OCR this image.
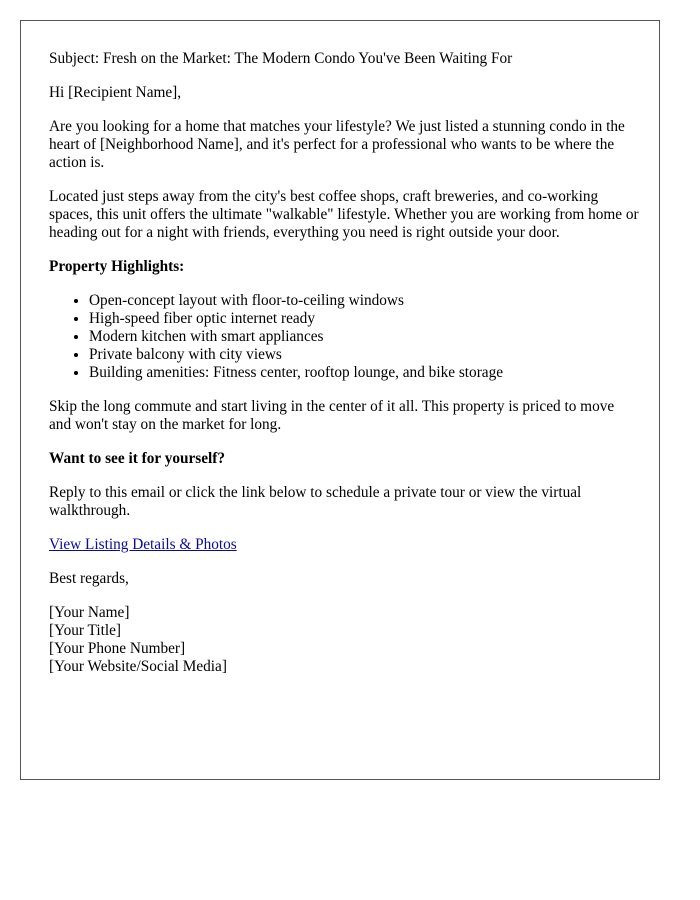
Subject: Fresh on the Market: The Modern Condo You've Been Waiting For

Hi [Recipient Name],

Are you looking for a home that matches your lifestyle? We just listed a stunning condo in the heart of [Neighborhood Name], and it's perfect for a professional who wants to be where the action is.

Located just steps away from the city's best coffee shops, craft breweries, and co-working spaces, this unit offers the ultimate "walkable" lifestyle. Whether you are working from home or heading out for a night with friends, everything you need is right outside your door.

Property Highlights:

• Open-concept layout with floor-to-ceiling windows
• High-speed fiber optic internet ready
• Modern kitchen with smart appliances
• Private balcony with city views
• Building amenities: Fitness center, rooftop lounge, and bike storage

Skip the long commute and start living in the center of it all. This property is priced to move and won't stay on the market for long.

Want to see it for yourself?

Reply to this email or click the link below to schedule a private tour or view the virtual walkthrough.

View Listing Details & Photos

Best regards,

[Your Name]
[Your Title]
[Your Phone Number]
[Your Website/Social Media]
